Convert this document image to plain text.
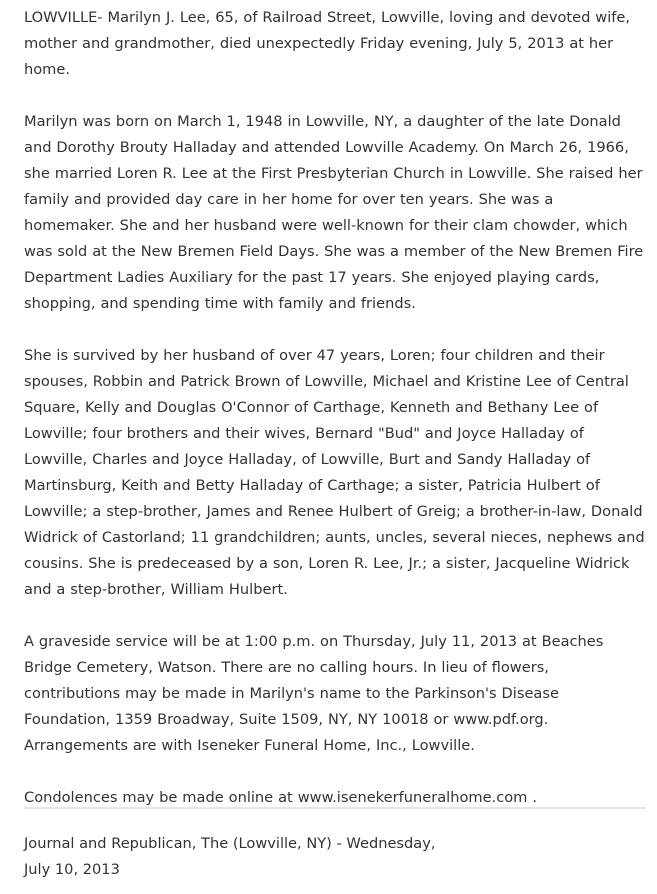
LOWVILLE- Marilyn J. Lee, 65, of Railroad Street, Lowville, loving and devoted wife, mother and grandmother, died unexpectedly Friday evening, July 5, 2013 at her home.

Marilyn was born on March 1, 1948 in Lowville, NY, a daughter of the late Donald and Dorothy Brouty Halladay and attended Lowville Academy. On March 26, 1966, she married Loren R. Lee at the First Presbyterian Church in Lowville. She raised her family and provided day care in her home for over ten years. She was a homemaker. She and her husband were well-known for their clam chowder, which was sold at the New Bremen Field Days. She was a member of the New Bremen Fire Department Ladies Auxiliary for the past 17 years. She enjoyed playing cards, shopping, and spending time with family and friends.

She is survived by her husband of over 47 years, Loren; four children and their spouses, Robbin and Patrick Brown of Lowville, Michael and Kristine Lee of Central Square, Kelly and Douglas O'Connor of Carthage, Kenneth and Bethany Lee of Lowville; four brothers and their wives, Bernard "Bud" and Joyce Halladay of Lowville, Charles and Joyce Halladay, of Lowville, Burt and Sandy Halladay of Martinsburg, Keith and Betty Halladay of Carthage; a sister, Patricia Hulbert of Lowville; a step-brother, James and Renee Hulbert of Greig; a brother-in-law, Donald Widrick of Castorland; 11 grandchildren; aunts, uncles, several nieces, nephews and cousins. She is predeceased by a son, Loren R. Lee, Jr.; a sister, Jacqueline Widrick and a step-brother, William Hulbert.

A graveside service will be at 1:00 p.m. on Thursday, July 11, 2013 at Beaches Bridge Cemetery, Watson. There are no calling hours. In lieu of flowers, contributions may be made in Marilyn's name to the Parkinson's Disease Foundation, 1359 Broadway, Suite 1509, NY, NY 10018 or www.pdf.org. Arrangements are with Iseneker Funeral Home, Inc., Lowville.

Condolences may be made online at www.isenekerfuneralhome.com .

Journal and Republican, The (Lowville, NY) - Wednesday,
July 10, 2013
